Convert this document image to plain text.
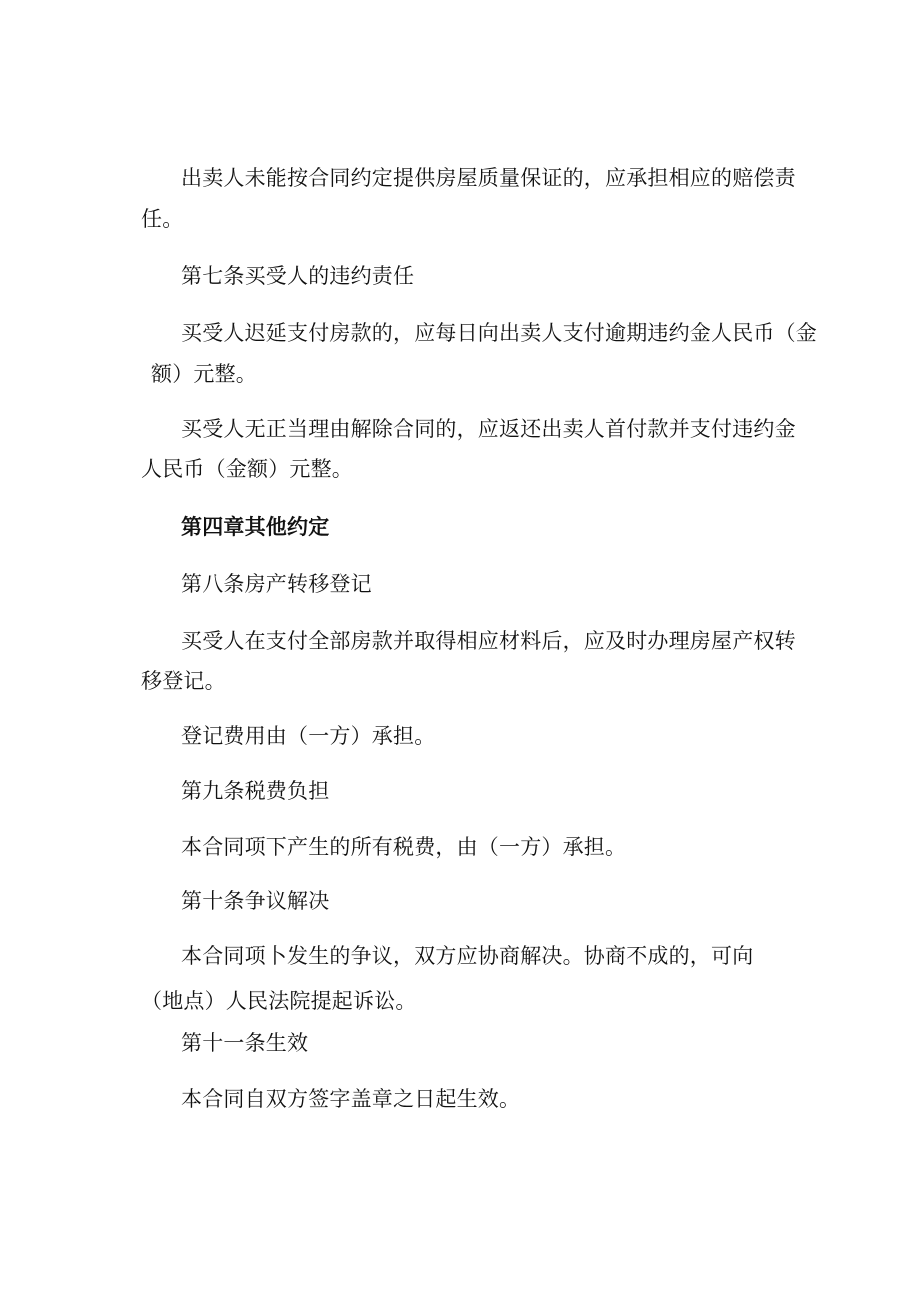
出卖人未能按合同约定提供房屋质量保证的，应承担相应的赔偿责
任。
第七条买受人的违约责任
买受人迟延支付房款的，应每日向出卖人支付逾期违约金人民币（金
额）元整。
买受人无正当理由解除合同的，应返还出卖人首付款并支付违约金
人民币（金额）元整。
第四章其他约定
第八条房产转移登记
买受人在支付全部房款并取得相应材料后，应及时办理房屋产权转
移登记。
登记费用由（一方）承担。
第九条税费负担
本合同项下产生的所有税费，由（一方）承担。
第十条争议解决
本合同项卜发生的争议，双方应协商解决。协商不成的，可向
（地点）人民法院提起诉讼。
第十一条生效
本合同自双方签字盖章之日起生效。
